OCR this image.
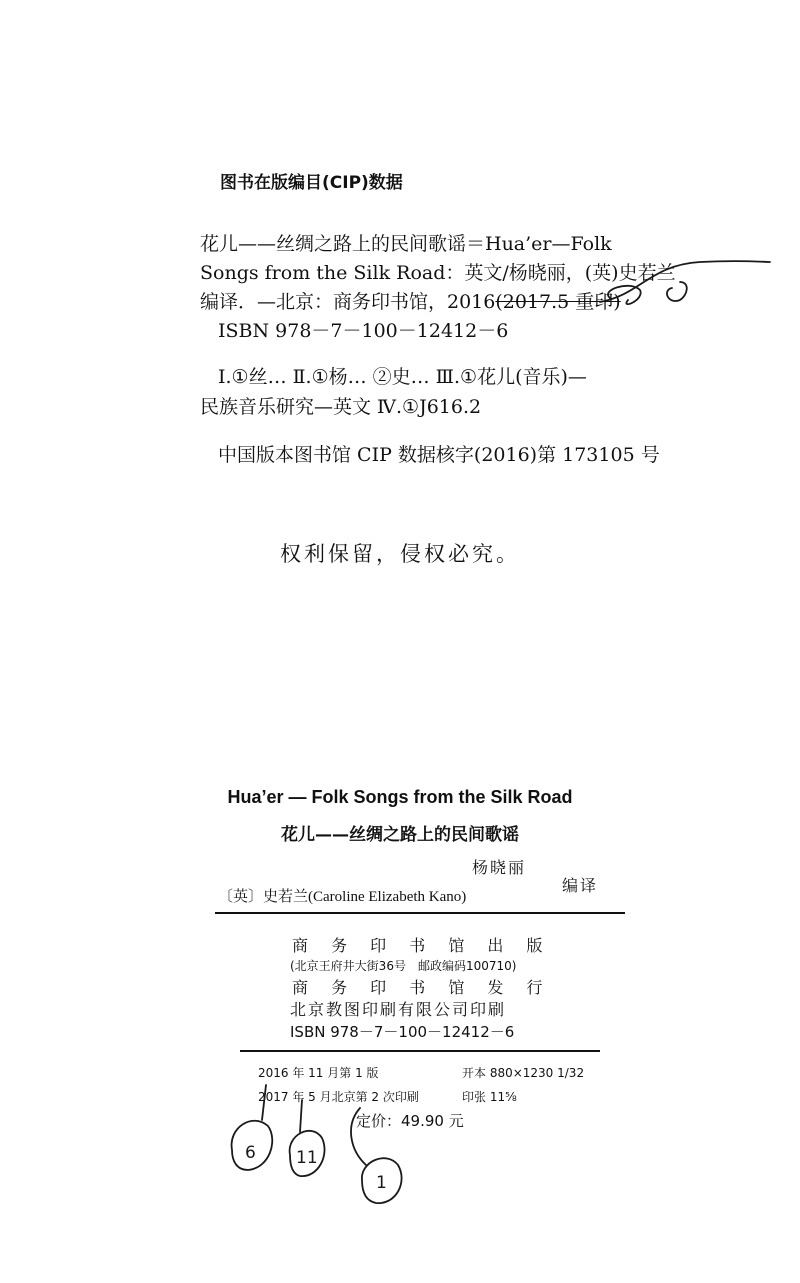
图书在版编目(CIP)数据
花儿——丝绸之路上的民间歌谣＝Hua’er—Folk
Songs from the Silk Road：英文/杨晓丽，(英)史若兰
编译．—北京：商务印书馆，2016(2017.5 重印)
ISBN 978－7－100－12412－6
Ⅰ.①丝… Ⅱ.①杨… ②史… Ⅲ.①花儿(音乐)—
民族音乐研究—英文 Ⅳ.①J616.2
中国版本图书馆 CIP 数据核字(2016)第 173105 号
权利保留，侵权必究。
Hua’er — Folk Songs from the Silk Road
花儿——丝绸之路上的民间歌谣
杨晓丽
〔英〕史若兰(Caroline Elizabeth Kano)
编译
商 务 印 书 馆 出 版
(北京王府井大街36号　邮政编码100710)
商 务 印 书 馆 发 行
北京教图印刷有限公司印刷
ISBN 978－7－100－12412－6
2016 年 11 月第 1 版	开本 880×1230 1/32
2017 年 5 月北京第 2 次印刷	印张 11⅝
定价：49.90 元
6 11
1
